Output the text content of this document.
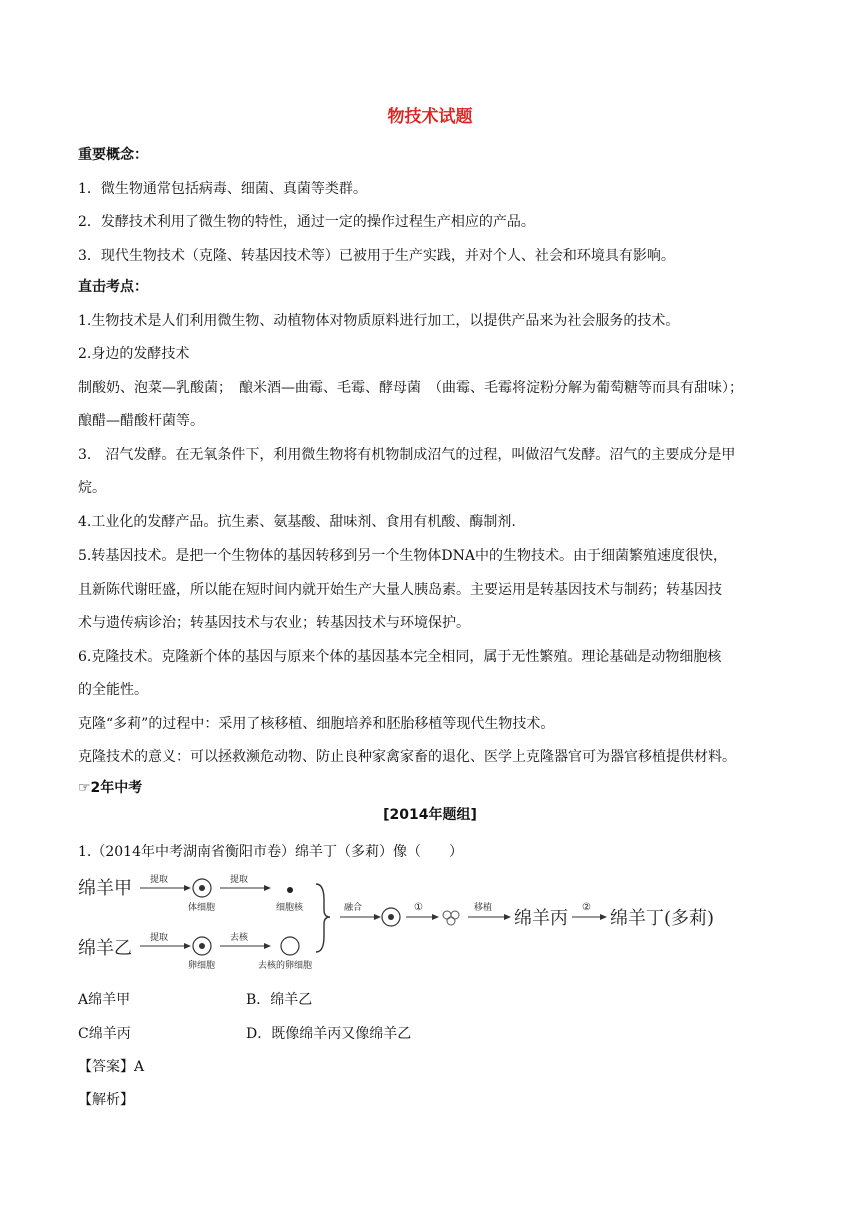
物技术试题
重要概念：
1．微生物通常包括病毒、细菌、真菌等类群。
2．发酵技术利用了微生物的特性，通过一定的操作过程生产相应的产品。
3．现代生物技术（克隆、转基因技术等）已被用于生产实践，并对个人、社会和环境具有影响。
直击考点：
1.生物技术是人们利用微生物、动植物体对物质原料进行加工，以提供产品来为社会服务的技术。
2.身边的发酵技术
制酸奶、泡菜—乳酸菌；　酿米酒—曲霉、毛霉、酵母菌　（曲霉、毛霉将淀粉分解为葡萄糖等而具有甜味）；
酿醋—醋酸杆菌等。
3.　沼气发酵。在无氧条件下，利用微生物将有机物制成沼气的过程，叫做沼气发酵。沼气的主要成分是甲
烷。
4.工业化的发酵产品。抗生素、氨基酸、甜味剂、食用有机酸、酶制剂.
5.转基因技术。是把一个生物体的基因转移到另一个生物体DNA中的生物技术。由于细菌繁殖速度很快，
且新陈代谢旺盛，所以能在短时间内就开始生产大量人胰岛素。主要运用是转基因技术与制药；转基因技
术与遗传病诊治；转基因技术与农业；转基因技术与环境保护。
6.克隆技术。克隆新个体的基因与原来个体的基因基本完全相同，属于无性繁殖。理论基础是动物细胞核
的全能性。
克隆“多莉”的过程中：采用了核移植、细胞培养和胚胎移植等现代生物技术。
克隆技术的意义：可以拯救濒危动物、防止良种家禽家畜的退化、医学上克隆器官可为器官移植提供材料。
☞2年中考
[2014年题组]
1.（2014年中考湖南省衡阳市卷）绵羊丁（多莉）像（　　）
绵羊甲
绵羊乙
提取
体细胞
提取
细胞核
提取
卵细胞
去核
去核的卵细胞
融合	①	移植 绵羊丙
②
绵羊丁(多莉)
A绵羊甲	B．绵羊乙
C绵羊丙	D．既像绵羊丙又像绵羊乙
【答案】A
【解析】
